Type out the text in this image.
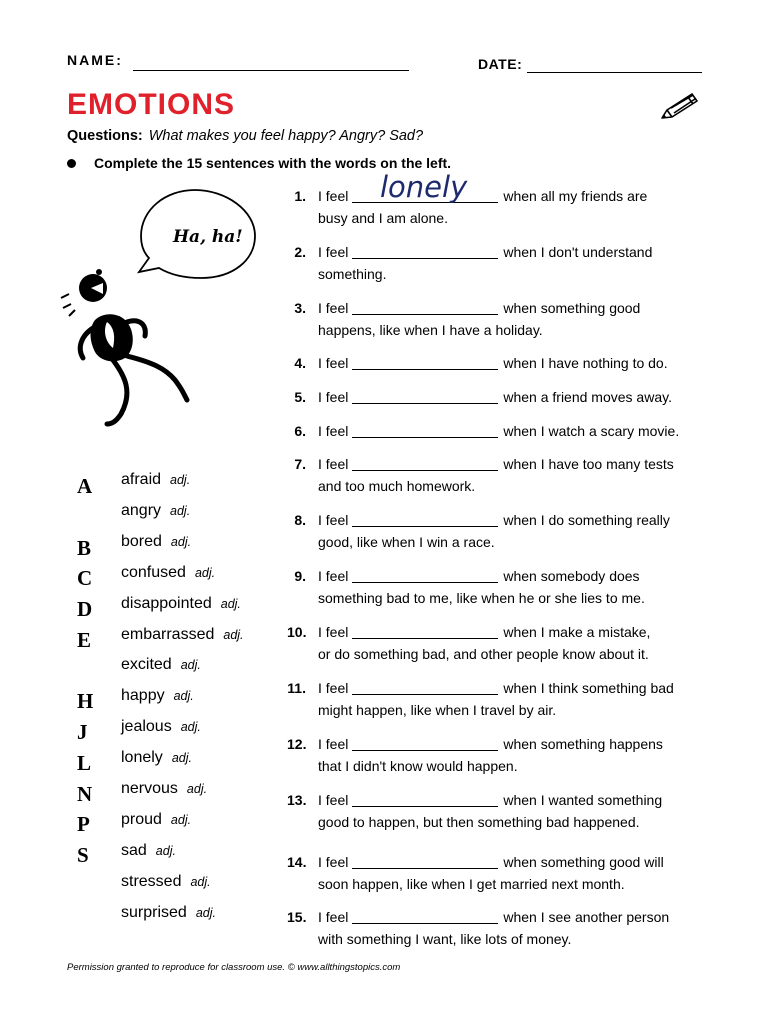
NAME:	DATE:
EMOTIONS
Questions: What makes you feel happy? Angry? Sad?
Complete the 15 sentences with the words on the left.
Ha, ha!
A
B
C
D
E
H
J
L
N
P
S
afraid adj.
angry adj.
bored adj.
confused adj.
disappointed adj.
embarrassed adj.
excited adj.
happy adj.
jealous adj.
lonely adj.
nervous adj.
proud adj.
sad adj.
stressed adj.
surprised adj.
1. I feel	when all my friends are
busy and I am alone.
2. I feel	when I don't understand
something.
3. I feel	when something good
happens, like when I have a holiday.
4. I feel	when I have nothing to do.
5. I feel	when a friend moves away.
6. I feel	when I watch a scary movie.
7. I feel	when I have too many tests
and too much homework.
8. I feel	when I do something really
good, like when I win a race.
9. I feel	when somebody does
something bad to me, like when he or she lies to me.
10. I feel	when I make a mistake,
or do something bad, and other people know about it.
11. I feel	when I think something bad
might happen, like when I travel by air.
12. I feel	when something happens
that I didn't know would happen.
13. I feel	when I wanted something
good to happen, but then something bad happened.
14. I feel	when something good will
soon happen, like when I get married next month.
15. I feel	when I see another person
with something I want, like lots of money.
lonely
Permission granted to reproduce for classroom use. © www.allthingstopics.com
